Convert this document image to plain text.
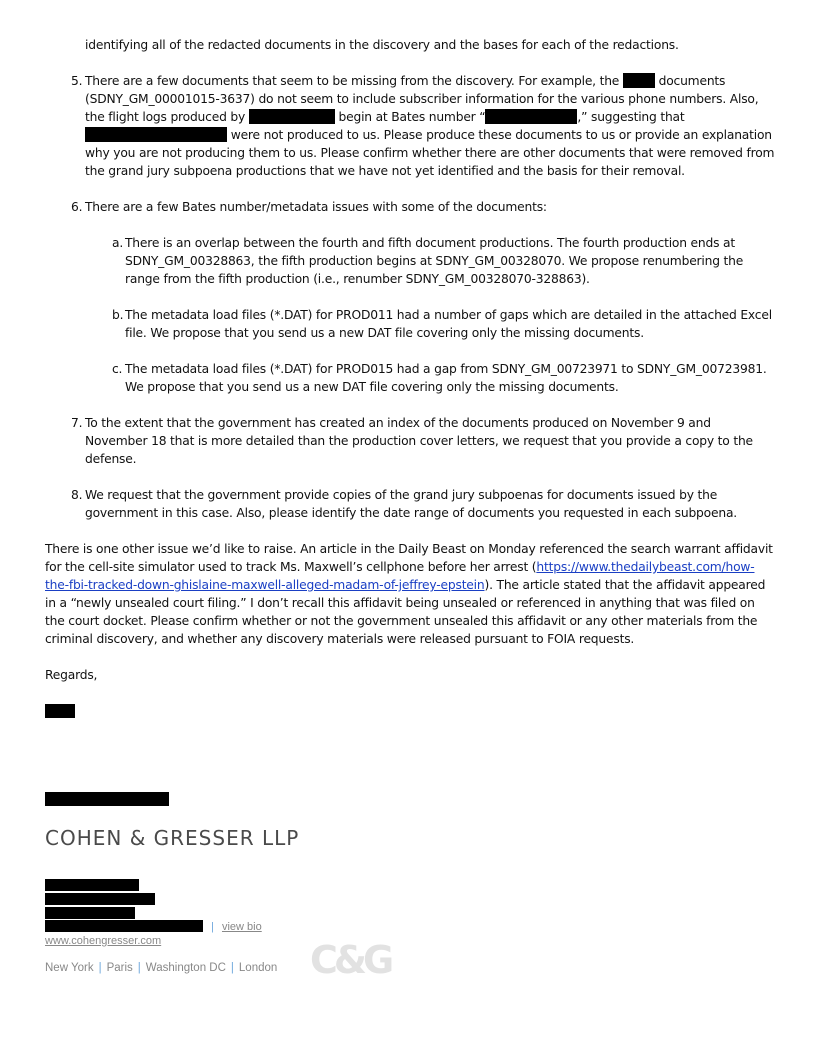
identifying all of the redacted documents in the discovery and the bases for each of the redactions.

5. There are a few documents that seem to be missing from the discovery. For example, the	documents (SDNY_GM_00001015-3637) do not seem to include subscriber information for the various phone numbers. Also, the flight logs produced by	begin at Bates number “	,” suggesting that  were not produced to us. Please produce these documents to us or provide an explanation why you are not producing them to us. Please confirm whether there are other documents that were removed from the grand jury subpoena productions that we have not yet identified and the basis for their removal.
6. There are a few Bates number/metadata issues with some of the documents:
a. There is an overlap between the fourth and fifth document productions. The fourth production ends at SDNY_GM_00328863, the fifth production begins at SDNY_GM_00328070. We propose renumbering the range from the fifth production (i.e., renumber SDNY_GM_00328070-328863).
b. The metadata load files (*.DAT) for PROD011 had a number of gaps which are detailed in the attached Excel file. We propose that you send us a new DAT file covering only the missing documents.
c. The metadata load files (*.DAT) for PROD015 had a gap from SDNY_GM_00723971 to SDNY_GM_00723981. We propose that you send us a new DAT file covering only the missing documents.
7. To the extent that the government has created an index of the documents produced on November 9 and November 18 that is more detailed than the production cover letters, we request that you provide a copy to the defense.
8. We request that the government provide copies of the grand jury subpoenas for documents issued by the government in this case. Also, please identify the date range of documents you requested in each subpoena.

There is one other issue we’d like to raise. An article in the Daily Beast on Monday referenced the search warrant affidavit for the cell-site simulator used to track Ms. Maxwell’s cellphone before her arrest (https://www.thedailybeast.com/how-the-fbi-tracked-down-ghislaine-maxwell-alleged-madam-of-jeffrey-epstein). The article stated that the affidavit appeared in a “newly unsealed court filing.” I don’t recall this affidavit being unsealed or referenced in anything that was filed on the court docket. Please confirm whether or not the government unsealed this affidavit or any other materials from the criminal discovery, and whether any discovery materials were released pursuant to FOIA requests.

Regards,

COHEN & GRESSER LLP
| view bio
www.cohengresser.com
New York | Paris | Washington DC | London C&G
